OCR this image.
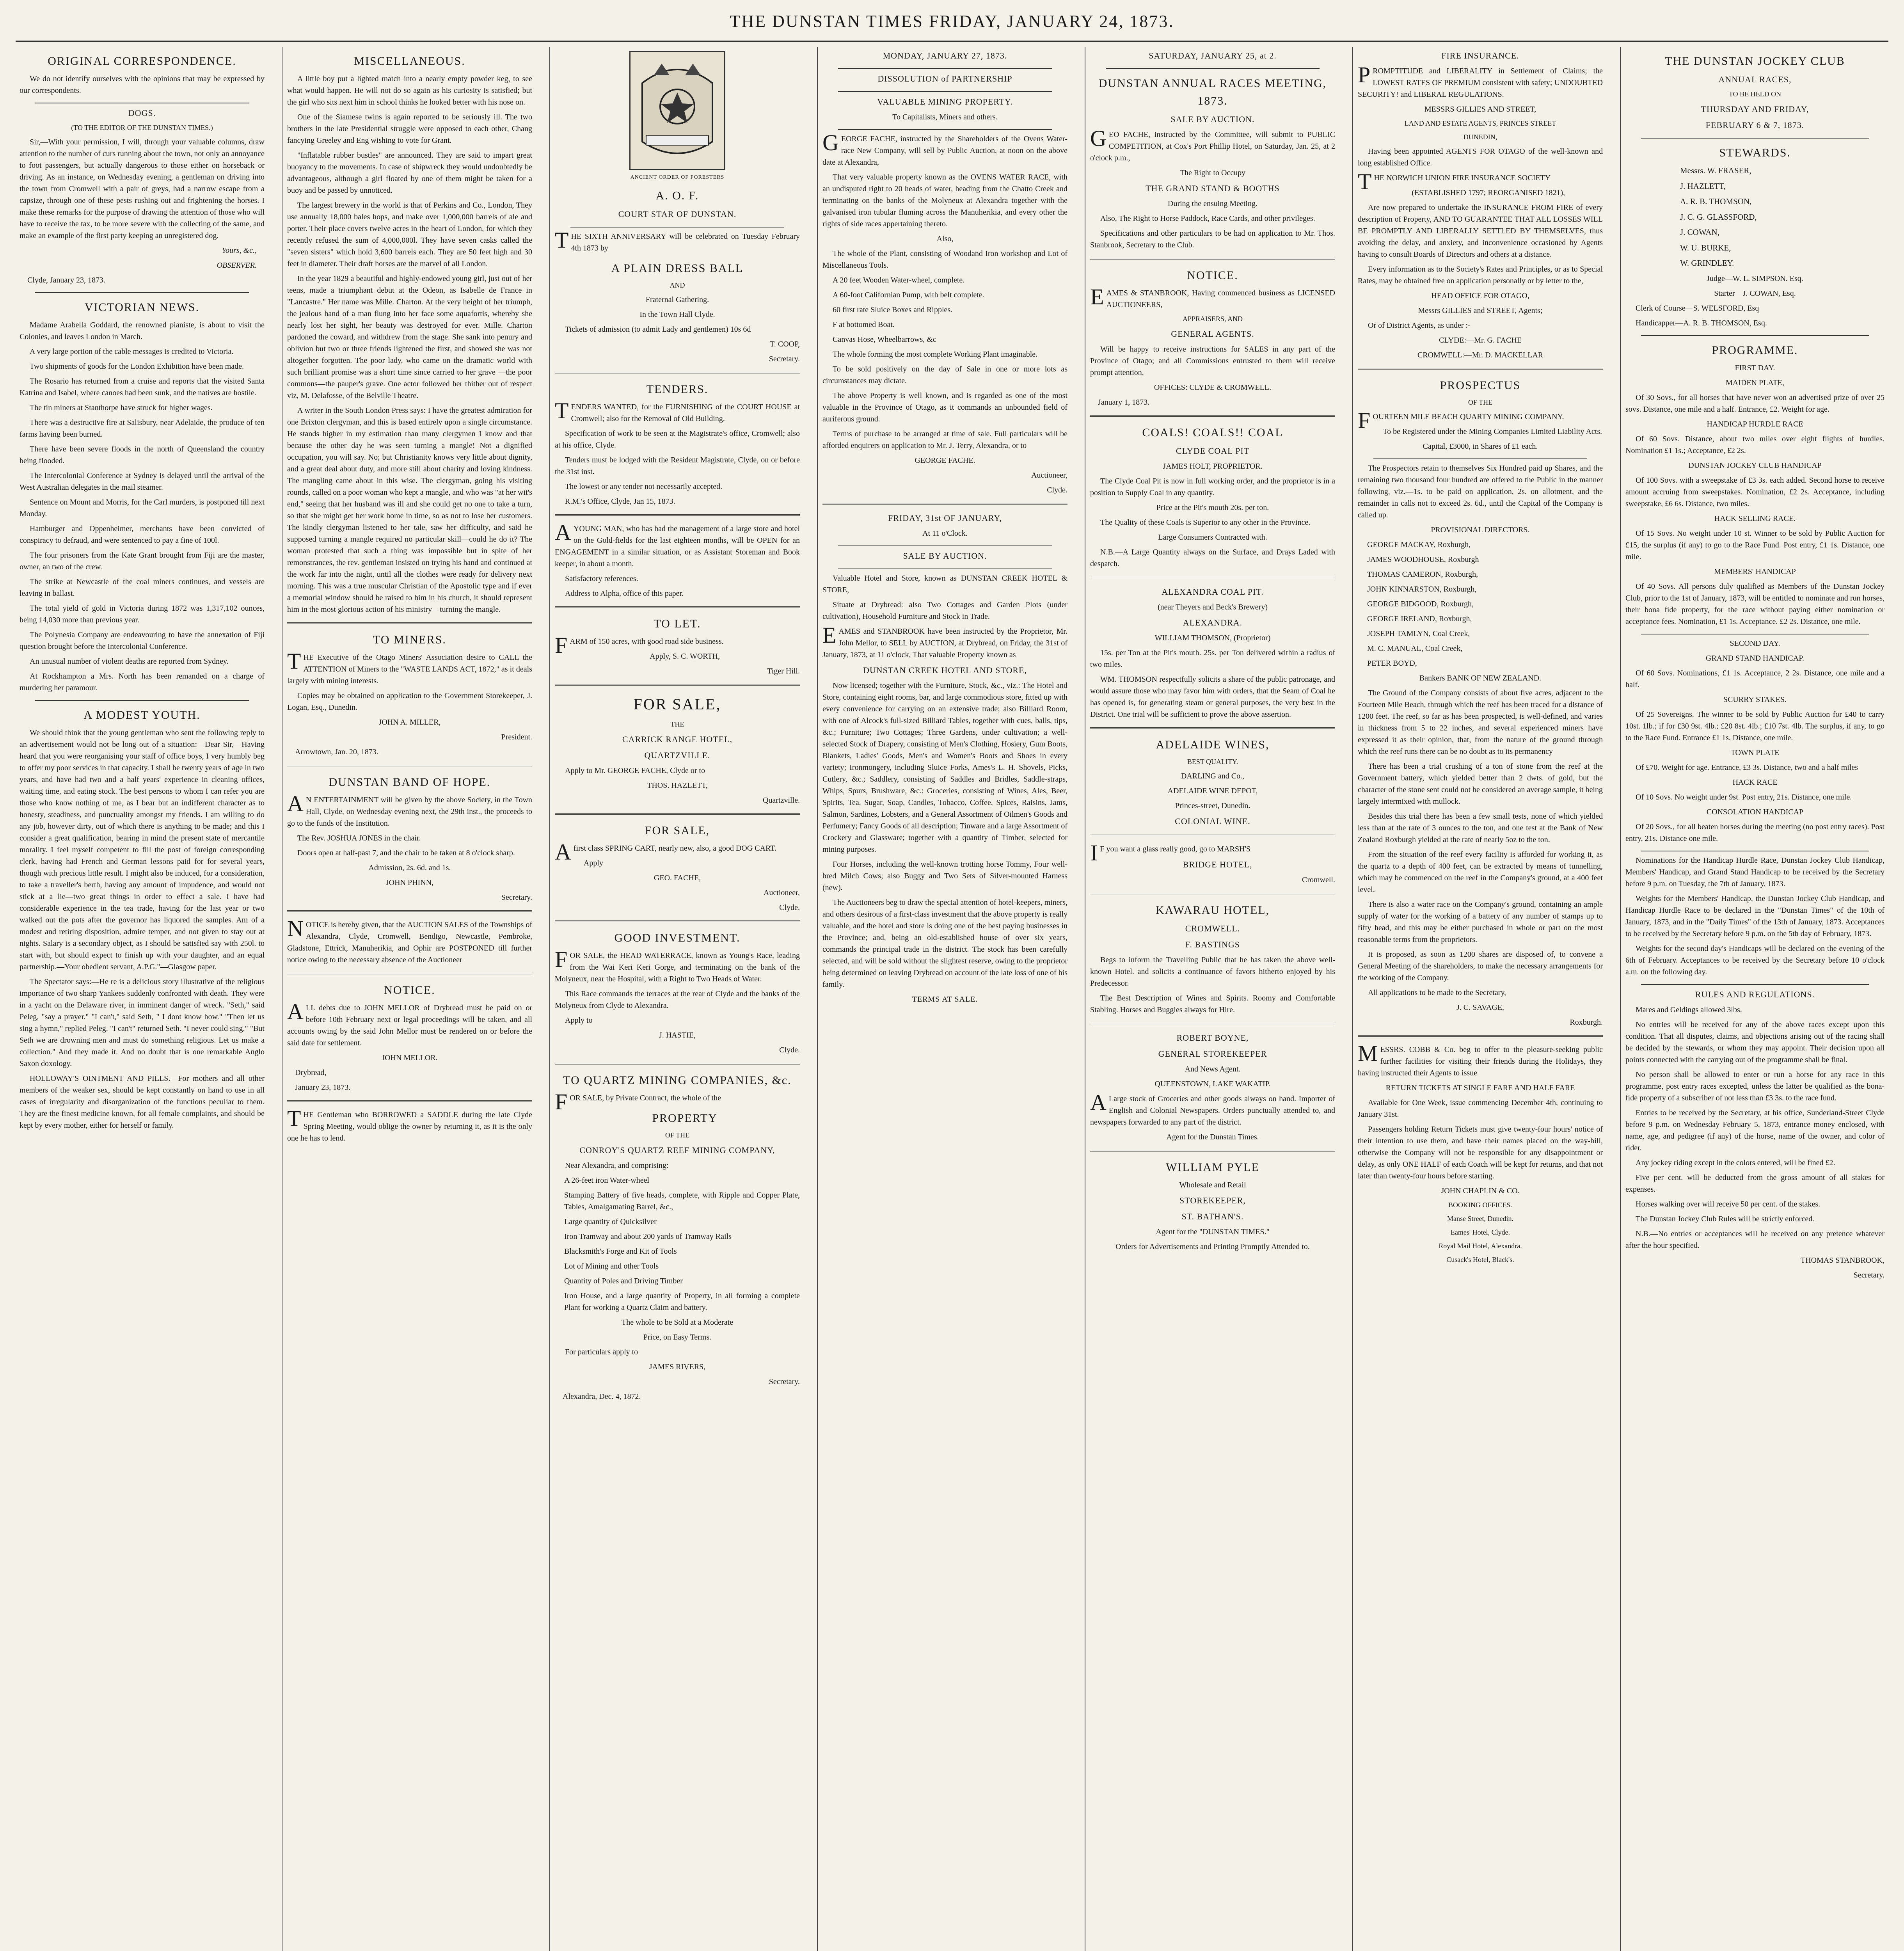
THE DUNSTAN TIMES FRIDAY, JANUARY 24, 1873.
ORIGINAL CORRESPONDENCE.
We do not identify ourselves with the opinions that may be expressed by our correspondents.
DOGS.
(TO THE EDITOR OF THE DUNSTAN TIMES.)
Sir,—With your permission, I will, through your valuable columns, draw attention to the number of curs running about the town, not only an annoyance to foot passengers, but actually dangerous to those either on horseback or driving. As an instance, on Wednesday evening, a gentleman on driving into the town from Cromwell with a pair of greys, had a narrow escape from a capsize, through one of these pests rushing out and frightening the horses. I make these remarks for the purpose of drawing the attention of those who will have to receive the tax, to be more severe with the collecting of the same, and make an example of the first party keeping an unregistered dog.
Yours, &c.,
OBSERVER.
Clyde, January 23, 1873.
VICTORIAN NEWS.
Madame Arabella Goddard, the renowned pianiste, is about to visit the Colonies, and leaves London in March.
A very large portion of the cable messages is credited to Victoria.
Two shipments of goods for the London Exhibition have been made.
The Rosario has returned from a cruise and reports that the visited Santa Katrina and Isabel, where canoes had been sunk, and the natives are hostile.
The tin miners at Stanthorpe have struck for higher wages.
There was a destructive fire at Salisbury, near Adelaide, the produce of ten farms having been burned.
There have been severe floods in the north of Queensland the country being flooded.
The Intercolonial Conference at Sydney is delayed until the arrival of the West Australian delegates in the mail steamer.
Sentence on Mount and Morris, for the Carl murders, is postponed till next Monday.
Hamburger and Oppenheimer, merchants have been convicted of conspiracy to defraud, and were sentenced to pay a fine of 100l.
The four prisoners from the Kate Grant brought from Fiji are the master, owner, an two of the crew.
The strike at Newcastle of the coal miners continues, and vessels are leaving in ballast.
The total yield of gold in Victoria during 1872 was 1,317,102 ounces, being 14,030 more than previous year.
The Polynesia Company are endeavouring to have the annexation of Fiji question brought before the Intercolonial Conference.
An unusual number of violent deaths are reported from Sydney.
At Rockhampton a Mrs. North has been remanded on a charge of murdering her paramour.
A MODEST YOUTH.
We should think that the young gentleman who sent the following reply to an advertisement would not be long out of a situation:—Dear Sir,—Having heard that you were reorganising your staff of office boys, I very humbly beg to offer my poor services in that capacity. I shall be twenty years of age in two years, and have had two and a half years' experience in cleaning offices, waiting time, and eating stock. The best persons to whom I can refer you are those who know nothing of me, as I bear but an indifferent character as to honesty, steadiness, and punctuality amongst my friends. I am willing to do any job, however dirty, out of which there is anything to be made; and this I consider a great qualification, bearing in mind the present state of mercantile morality. I feel myself competent to fill the post of foreign corresponding clerk, having had French and German lessons paid for for several years, though with precious little result. I might also be induced, for a consideration, to take a traveller's berth, having any amount of impudence, and would not stick at a lie—two great things in order to effect a sale. I have had considerable experience in the tea trade, having for the last year or two walked out the pots after the governor has liquored the samples. Am of a modest and retiring disposition, admire temper, and not given to stay out at nights. Salary is a secondary object, as I should be satisfied say with 250l. to start with, but should expect to finish up with your daughter, and an equal partnership.—Your obedient servant, A.P.G."—Glasgow paper.
The Spectator says:—He re is a delicious story illustrative of the religious importance of two sharp Yankees suddenly confronted with death. They were in a yacht on the Delaware river, in imminent danger of wreck. "Seth," said Peleg, "say a prayer." "I can't," said Seth, " I dont know how." "Then let us sing a hymn," replied Peleg. "I can't" returned Seth. "I never could sing." "But Seth we are drowning men and must do something religious. Let us make a collection." And they made it. And no doubt that is one remarkable Anglo Saxon doxology.
HOLLOWAY'S OINTMENT AND PILLS.—For mothers and all other members of the weaker sex, should be kept constantly on hand to use in all cases of irregularity and disorganization of the functions peculiar to them. They are the finest medicine known, for all female complaints, and should be kept by every mother, either for herself or family.
MISCELLANEOUS.
A little boy put a lighted match into a nearly empty powder keg, to see what would happen. He will not do so again as his curiosity is satisfied; but the girl who sits next him in school thinks he looked better with his nose on.
One of the Siamese twins is again reported to be seriously ill. The two brothers in the late Presidential struggle were opposed to each other, Chang fancying Greeley and Eng wishing to vote for Grant.
"Inflatable rubber bustles" are announced. They are said to impart great buoyancy to the movements. In case of shipwreck they would undoubtedly be advantageous, although a girl floated by one of them might be taken for a buoy and be passed by unnoticed.
The largest brewery in the world is that of Perkins and Co., London, They use annually 18,000 bales hops, and make over 1,000,000 barrels of ale and porter. Their place covers twelve acres in the heart of London, for which they recently refused the sum of 4,000,000l. They have seven casks called the "seven sisters" which hold 3,600 barrels each. They are 50 feet high and 30 feet in diameter. Their draft horses are the marvel of all London.
In the year 1829 a beautiful and highly-endowed young girl, just out of her teens, made a triumphant debut at the Odeon, as Isabelle de France in "Lancastre." Her name was Mille. Charton. At the very height of her triumph, the jealous hand of a man flung into her face some aquafortis, whereby she nearly lost her sight, her beauty was destroyed for ever. Mille. Charton pardoned the coward, and withdrew from the stage. She sank into penury and oblivion but two or three friends lightened the first, and showed she was not altogether forgotten. The poor lady, who came on the dramatic world with such brilliant promise was a short time since carried to her grave —the poor commons—the pauper's grave. One actor followed her thither out of respect viz, M. Delafosse, of the Belville Theatre.
A writer in the South London Press says: I have the greatest admiration for one Brixton clergyman, and this is based entirely upon a single circumstance. He stands higher in my estimation than many clergymen I know and that because the other day he was seen turning a mangle! Not a dignified occupation, you will say. No; but Christianity knows very little about dignity, and a great deal about duty, and more still about charity and loving kindness. The mangling came about in this wise. The clergyman, going his visiting rounds, called on a poor woman who kept a mangle, and who was "at her wit's end," seeing that her husband was ill and she could get no one to take a turn, so that she might get her work home in time, so as not to lose her customers. The kindly clergyman listened to her tale, saw her difficulty, and said he supposed turning a mangle required no particular skill—could he do it? The woman protested that such a thing was impossible but in spite of her remonstrances, the rev. gentleman insisted on trying his hand and continued at the work far into the night, until all the clothes were ready for delivery next morning. This was a true muscular Christian of the Apostolic type and if ever a memorial window should be raised to him in his church, it should represent him in the most glorious action of his ministry—turning the mangle.
TO MINERS.
THE Executive of the Otago Miners' Association desire to CALL the ATTENTION of Miners to the "WASTE LANDS ACT, 1872," as it deals largely with mining interests.
Copies may be obtained on application to the Government Storekeeper, J. Logan, Esq., Dunedin.
JOHN A. MILLER,
President.
Arrowtown, Jan. 20, 1873.
DUNSTAN BAND OF HOPE.
AN ENTERTAINMENT will be given by the above Society, in the Town Hall, Clyde, on Wednesday evening next, the 29th inst., the proceeds to go to the funds of the Institution.
The Rev. JOSHUA JONES in the chair.
Doors open at half-past 7, and the chair to be taken at 8 o'clock sharp.
Admission, 2s. 6d. and 1s.
JOHN PHINN,
Secretary.
NOTICE is hereby given, that the AUCTION SALES of the Townships of Alexandra, Clyde, Cromwell, Bendigo, Newcastle, Pembroke, Gladstone, Ettrick, Manuherikia, and Ophir are POSTPONED till further notice owing to the necessary absence of the Auctioneer
NOTICE.
ALL debts due to JOHN MELLOR of Drybread must be paid on or before 10th February next or legal proceedings will be taken, and all accounts owing by the said John Mellor must be rendered on or before the said date for settlement.
JOHN MELLOR.
Drybread,
January 23, 1873.
THE Gentleman who BORROWED a SADDLE during the late Clyde Spring Meeting, would oblige the owner by returning it, as it is the only one he has to lend.
ANCIENT ORDER OF FORESTERS
A. O. F.
COURT STAR OF DUNSTAN.
THE SIXTH ANNIVERSARY will be celebrated on Tuesday February 4th 1873 by
A PLAIN DRESS BALL
AND
Fraternal Gathering.
In the Town Hall Clyde.
Tickets of admission (to admit Lady and gentlemen) 10s 6d
T. COOP,
Secretary.
TENDERS.
TENDERS WANTED, for the FURNISHING of the COURT HOUSE at Cromwell; also for the Removal of Old Building.
Specification of work to be seen at the Magistrate's office, Cromwell; also at his office, Clyde.
Tenders must be lodged with the Resident Magistrate, Clyde, on or before the 31st inst.
The lowest or any tender not necessarily accepted.
R.M.'s Office, Clyde, Jan 15, 1873.
AYOUNG MAN, who has had the management of a large store and hotel on the Gold-fields for the last eighteen months, will be OPEN for an ENGAGEMENT in a similar situation, or as Assistant Storeman and Book keeper, in about a month.
Satisfactory references.
Address to Alpha, office of this paper.
TO LET.
FARM of 150 acres, with good road side business.
Apply, S. C. WORTH,
Tiger Hill.
FOR SALE,
THE
CARRICK RANGE HOTEL,
QUARTZVILLE.
Apply to Mr. GEORGE FACHE, Clyde or to
THOS. HAZLETT,
Quartzville.
FOR SALE,
Afirst class SPRING CART, nearly new, also, a good DOG CART.
Apply
GEO. FACHE,
Auctioneer,
Clyde.
GOOD INVESTMENT.
FOR SALE, the HEAD WATERRACE, known as Young's Race, leading from the Wai Keri Keri Gorge, and terminating on the bank of the Molyneux, near the Hospital, with a Right to Two Heads of Water.
This Race commands the terraces at the rear of Clyde and the banks of the Molyneux from Clyde to Alexandra.
Apply to
J. HASTIE,
Clyde.
TO QUARTZ MINING COMPANIES, &c.
FOR SALE, by Private Contract, the whole of the
PROPERTY
OF THE
CONROY'S QUARTZ REEF MINING COMPANY,
Near Alexandra, and comprising:
A 26-feet iron Water-wheel
Stamping Battery of five heads, complete, with Ripple and Copper Plate, Tables, Amalgamating Barrel, &c.,
Large quantity of Quicksilver
Iron Tramway and about 200 yards of Tramway Rails
Blacksmith's Forge and Kit of Tools
Lot of Mining and other Tools
Quantity of Poles and Driving Timber
Iron House, and a large quantity of Property, in all forming a complete Plant for working a Quartz Claim and battery.
The whole to be Sold at a Moderate
Price, on Easy Terms.
For particulars apply to
JAMES RIVERS,
Secretary.
Alexandra, Dec. 4, 1872.
MONDAY, JANUARY 27, 1873.
DISSOLUTION of PARTNERSHIP
VALUABLE MINING PROPERTY.
To Capitalists, Miners and others.
GEORGE FACHE, instructed by the Shareholders of the Ovens Water-race New Company, will sell by Public Auction, at noon on the above date at Alexandra,
That very valuable property known as the OVENS WATER RACE, with an undisputed right to 20 heads of water, heading from the Chatto Creek and terminating on the banks of the Molyneux at Alexandra together with the galvanised iron tubular fluming across the Manuherikia, and every other the rights of side races appertaining thereto.
Also,
The whole of the Plant, consisting of Woodand Iron workshop and Lot of Miscellaneous Tools.
A 20 feet Wooden Water-wheel, complete.
A 60-foot Californian Pump, with belt complete.
60 first rate Sluice Boxes and Ripples.
F at bottomed Boat.
Canvas Hose, Wheelbarrows, &c
The whole forming the most complete Working Plant imaginable.
To be sold positively on the day of Sale in one or more lots as circumstances may dictate.
The above Property is well known, and is regarded as one of the most valuable in the Province of Otago, as it commands an unbounded field of auriferous ground.
Terms of purchase to be arranged at time of sale. Full particulars will be afforded enquirers on application to Mr. J. Terry, Alexandra, or to
GEORGE FACHE.
Auctioneer,
Clyde.
FRIDAY, 31st OF JANUARY,
At 11 o'Clock.
SALE BY AUCTION.
Valuable Hotel and Store, known as DUNSTAN CREEK HOTEL & STORE,
Situate at Drybread: also Two Cottages and Garden Plots (under cultivation), Household Furniture and Stock in Trade.
EAMES and STANBROOK have been instructed by the Proprietor, Mr. John Mellor, to SELL by AUCTION, at Drybread, on Friday, the 31st of January, 1873, at 11 o'clock, That valuable Property known as
DUNSTAN CREEK HOTEL AND STORE,
Now licensed; together with the Furniture, Stock, &c., viz.: The Hotel and Store, containing eight rooms, bar, and large commodious store, fitted up with every convenience for carrying on an extensive trade; also Billiard Room, with one of Alcock's full-sized Billiard Tables, together with cues, balls, tips, &c.; Furniture; Two Cottages; Three Gardens, under cultivation; a well-selected Stock of Drapery, consisting of Men's Clothing, Hosiery, Gum Boots, Blankets, Ladies' Goods, Men's and Women's Boots and Shoes in every variety; Ironmongery, including Sluice Forks, Ames's L. H. Shovels, Picks, Cutlery, &c.; Saddlery, consisting of Saddles and Bridles, Saddle-straps, Whips, Spurs, Brushware, &c.; Groceries, consisting of Wines, Ales, Beer, Spirits, Tea, Sugar, Soap, Candles, Tobacco, Coffee, Spices, Raisins, Jams, Salmon, Sardines, Lobsters, and a General Assortment of Oilmen's Goods and Perfumery; Fancy Goods of all description; Tinware and a large Assortment of Crockery and Glassware; together with a quantity of Timber, selected for mining purposes.
Four Horses, including the well-known trotting horse Tommy, Four well-bred Milch Cows; also Buggy and Two Sets of Silver-mounted Harness (new).
The Auctioneers beg to draw the special attention of hotel-keepers, miners, and others desirous of a first-class investment that the above property is really valuable, and the hotel and store is doing one of the best paying businesses in the Province; and, being an old-established house of over six years, commands the principal trade in the district. The stock has been carefully selected, and will be sold without the slightest reserve, owing to the proprietor being determined on leaving Drybread on account of the late loss of one of his family.
TERMS AT SALE.
SATURDAY, JANUARY 25, at 2.
DUNSTAN ANNUAL RACES MEETING, 1873.
SALE BY AUCTION.
GEO FACHE, instructed by the Committee, will submit to PUBLIC COMPETITION, at Cox's Port Phillip Hotel, on Saturday, Jan. 25, at 2 o'clock p.m.,
The Right to Occupy
THE GRAND STAND & BOOTHS
During the ensuing Meeting.
Also, The Right to Horse Paddock, Race Cards, and other privileges.
Specifications and other particulars to be had on application to Mr. Thos. Stanbrook, Secretary to the Club.
NOTICE.
EAMES & STANBROOK, Having commenced business as LICENSED AUCTIONEERS,
APPRAISERS, AND
GENERAL AGENTS.
Will be happy to receive instructions for SALES in any part of the Province of Otago; and all Commissions entrusted to them will receive prompt attention.
OFFICES: CLYDE & CROMWELL.
January 1, 1873.
COALS! COALS!! COAL
CLYDE COAL PIT
JAMES HOLT, PROPRIETOR.
The Clyde Coal Pit is now in full working order, and the proprietor is in a position to Supply Coal in any quantity.
Price at the Pit's mouth 20s. per ton.
The Quality of these Coals is Superior to any other in the Province.
Large Consumers Contracted with.
N.B.—A Large Quantity always on the Surface, and Drays Laded with despatch.
ALEXANDRA COAL PIT.
(near Theyers and Beck's Brewery)
ALEXANDRA.
WILLIAM THOMSON, (Proprietor)
15s. per Ton at the Pit's mouth. 25s. per Ton delivered within a radius of two miles.
WM. THOMSON respectfully solicits a share of the public patronage, and would assure those who may favor him with orders, that the Seam of Coal he has opened is, for generating steam or general purposes, the very best in the District. One trial will be sufficient to prove the above assertion.
ADELAIDE WINES,
BEST QUALITY.
DARLING and Co.,
ADELAIDE WINE DEPOT,
Princes-street, Dunedin.
COLONIAL WINE.
IF you want a glass really good, go to MARSH'S
BRIDGE HOTEL,
Cromwell.
KAWARAU HOTEL,
CROMWELL.
F. BASTINGS
Begs to inform the Travelling Public that he has taken the above well-known Hotel. and solicits a continuance of favors hitherto enjoyed by his Predecessor.
The Best Description of Wines and Spirits. Roomy and Comfortable Stabling. Horses and Buggies always for Hire.
ROBERT BOYNE,
GENERAL STOREKEEPER
And News Agent.
QUEENSTOWN, LAKE WAKATIP.
ALarge stock of Groceries and other goods always on hand. Importer of English and Colonial Newspapers. Orders punctually attended to, and newspapers forwarded to any part of the district.
Agent for the Dunstan Times.
WILLIAM PYLE
Wholesale and Retail
STOREKEEPER,
ST. BATHAN'S.
Agent for the "DUNSTAN TIMES."
Orders for Advertisements and Printing Promptly Attended to.
FIRE INSURANCE.
PROMPTITUDE and LIBERALITY in Settlement of Claims; the LOWEST RATES OF PREMIUM consistent with safety; UNDOUBTED SECURITY! and LIBERAL REGULATIONS.
MESSRS GILLIES AND STREET,
LAND AND ESTATE AGENTS, PRINCES STREET
DUNEDIN,
Having been appointed AGENTS FOR OTAGO of the well-known and long established Office.
THE NORWICH UNION FIRE INSURANCE SOCIETY
(ESTABLISHED 1797; REORGANISED 1821),
Are now prepared to undertake the INSURANCE FROM FIRE of every description of Property, AND TO GUARANTEE THAT ALL LOSSES WILL BE PROMPTLY AND LIBERALLY SETTLED BY THEMSELVES, thus avoiding the delay, and anxiety, and inconvenience occasioned by Agents having to consult Boards of Directors and others at a distance.
Every information as to the Society's Rates and Principles, or as to Special Rates, may be obtained free on application personally or by letter to the,
HEAD OFFICE FOR OTAGO,
Messrs GILLIES and STREET, Agents;
Or of District Agents, as under :-
CLYDE:—Mr. G. FACHE
CROMWELL:—Mr. D. MACKELLAR
PROSPECTUS
OF THE
FOURTEEN MILE BEACH QUARTY MINING COMPANY.
To be Registered under the Mining Companies Limited Liability Acts.
Capital, £3000, in Shares of £1 each.
The Prospectors retain to themselves Six Hundred paid up Shares, and the remaining two thousand four hundred are offered to the Public in the manner following, viz.—1s. to be paid on application, 2s. on allotment, and the remainder in calls not to exceed 2s. 6d., until the Capital of the Company is called up.
PROVISIONAL DIRECTORS.
GEORGE MACKAY, Roxburgh,
JAMES WOODHOUSE, Roxburgh
THOMAS CAMERON, Roxburgh,
JOHN KINNARSTON, Roxburgh,
GEORGE BIDGOOD, Roxburgh,
GEORGE IRELAND, Roxburgh,
JOSEPH TAMLYN, Coal Creek,
M. C. MANUAL, Coal Creek,
PETER BOYD,
Bankers BANK OF NEW ZEALAND.
The Ground of the Company consists of about five acres, adjacent to the Fourteen Mile Beach, through which the reef has been traced for a distance of 1200 feet. The reef, so far as has been prospected, is well-defined, and varies in thickness from 5 to 22 inches, and several experienced miners have expressed it as their opinion, that, from the nature of the ground through which the reef runs there can be no doubt as to its permanency
There has been a trial crushing of a ton of stone from the reef at the Government battery, which yielded better than 2 dwts. of gold, but the character of the stone sent could not be considered an average sample, it being largely intermixed with mullock.
Besides this trial there has been a few small tests, none of which yielded less than at the rate of 3 ounces to the ton, and one test at the Bank of New Zealand Roxburgh yielded at the rate of nearly 5oz to the ton.
From the situation of the reef every facility is afforded for working it, as the quartz to a depth of 400 feet, can be extracted by means of tunnelling, which may be commenced on the reef in the Company's ground, at a 400 feet level.
There is also a water race on the Company's ground, containing an ample supply of water for the working of a battery of any number of stamps up to fifty head, and this may be either purchased in whole or part on the most reasonable terms from the proprietors.
It is proposed, as soon as 1200 shares are disposed of, to convene a General Meeting of the shareholders, to make the necessary arrangements for the working of the Company.
All applications to be made to the Secretary,
J. C. SAVAGE,
Roxburgh.
MESSRS. COBB & Co. beg to offer to the pleasure-seeking public further facilities for visiting their friends during the Holidays, they having instructed their Agents to issue
RETURN TICKETS AT SINGLE FARE AND HALF FARE
Available for One Week, issue commencing December 4th, continuing to January 31st.
Passengers holding Return Tickets must give twenty-four hours' notice of their intention to use them, and have their names placed on the way-bill, otherwise the Company will not be responsible for any disappointment or delay, as only ONE HALF of each Coach will be kept for returns, and that not later than twenty-four hours before starting.
JOHN CHAPLIN & CO.
BOOKING OFFICES.
Manse Street, Dunedin.
Eames' Hotel, Clyde.
Royal Mail Hotel, Alexandra.
Cusack's Hotel, Black's.
THE DUNSTAN JOCKEY CLUB
ANNUAL RACES,
TO BE HELD ON
THURSDAY AND FRIDAY,
FEBRUARY 6 & 7, 1873.
STEWARDS.
Messrs. W. FRASER,
J. HAZLETT,
A. R. B. THOMSON,
J. C. G. GLASSFORD,
J. COWAN,
W. U. BURKE,
W. GRINDLEY.
Judge—W. L. SIMPSON. Esq.
Starter—J. COWAN, Esq.
Clerk of Course—S. WELSFORD, Esq
Handicapper—A. R. B. THOMSON, Esq.
PROGRAMME.
FIRST DAY.
MAIDEN PLATE,
Of 30 Sovs., for all horses that have never won an advertised prize of over 25 sovs. Distance, one mile and a half. Entrance, £2. Weight for age.
HANDICAP HURDLE RACE
Of 60 Sovs. Distance, about two miles over eight flights of hurdles. Nomination £1 1s.; Acceptance, £2 2s.
DUNSTAN JOCKEY CLUB HANDICAP
Of 100 Sovs. with a sweepstake of £3 3s. each added. Second horse to receive amount accruing from sweepstakes. Nomination, £2 2s. Acceptance, including sweepstake, £6 6s. Distance, two miles.
HACK SELLING RACE.
Of 15 Sovs. No weight under 10 st. Winner to be sold by Public Auction for £15, the surplus (if any) to go to the Race Fund. Post entry, £1 1s. Distance, one mile.
MEMBERS' HANDICAP
Of 40 Sovs. All persons duly qualified as Members of the Dunstan Jockey Club, prior to the 1st of January, 1873, will be entitled to nominate and run horses, their bona fide property, for the race without paying either nomination or acceptance fees. Nomination, £1 1s. Acceptance. £2 2s. Distance, one mile.
SECOND DAY.
GRAND STAND HANDICAP.
Of 60 Sovs. Nominations, £1 1s. Acceptance, 2 2s. Distance, one mile and a half.
SCURRY STAKES.
Of 25 Sovereigns. The winner to be sold by Public Auction for £40 to carry 10st. 1lb.; if for £30 9st. 4lb.; £20 8st. 4lb.; £10 7st. 4lb. The surplus, if any, to go to the Race Fund. Entrance £1 1s. Distance, one mile.
TOWN PLATE
Of £70. Weight for age. Entrance, £3 3s. Distance, two and a half miles
HACK RACE
Of 10 Sovs. No weight under 9st. Post entry, 21s. Distance, one mile.
CONSOLATION HANDICAP
Of 20 Sovs., for all beaten horses during the meeting (no post entry races). Post entry, 21s. Distance one mile.
Nominations for the Handicap Hurdle Race, Dunstan Jockey Club Handicap, Members' Handicap, and Grand Stand Handicap to be received by the Secretary before 9 p.m. on Tuesday, the 7th of January, 1873.
Weights for the Members' Handicap, the Dunstan Jockey Club Handicap, and Handicap Hurdle Race to be declared in the "Dunstan Times" of the 10th of January, 1873, and in the "Daily Times" of the 13th of January, 1873. Acceptances to be received by the Secretary before 9 p.m. on the 5th day of February, 1873.
Weights for the second day's Handicaps will be declared on the evening of the 6th of February. Acceptances to be received by the Secretary before 10 o'clock a.m. on the following day.
RULES AND REGULATIONS.
Mares and Geldings allowed 3lbs.
No entries will be received for any of the above races except upon this condition. That all disputes, claims, and objections arising out of the racing shall be decided by the stewards, or whom they may appoint. Their decision upon all points connected with the carrying out of the programme shall be final.
No person shall be allowed to enter or run a horse for any race in this programme, post entry races excepted, unless the latter be qualified as the bona-fide property of a subscriber of not less than £3 3s. to the race fund.
Entries to be received by the Secretary, at his office, Sunderland-Street Clyde before 9 p.m. on Wednesday February 5, 1873, entrance money enclosed, with name, age, and pedigree (if any) of the horse, name of the owner, and color of rider.
Any jockey riding except in the colors entered, will be fined £2.
Five per cent. will be deducted from the gross amount of all stakes for expenses.
Horses walking over will receive 50 per cent. of the stakes.
The Dunstan Jockey Club Rules will be strictly enforced.
N.B.—No entries or acceptances will be received on any pretence whatever after the hour specified.
THOMAS STANBROOK,
Secretary.
